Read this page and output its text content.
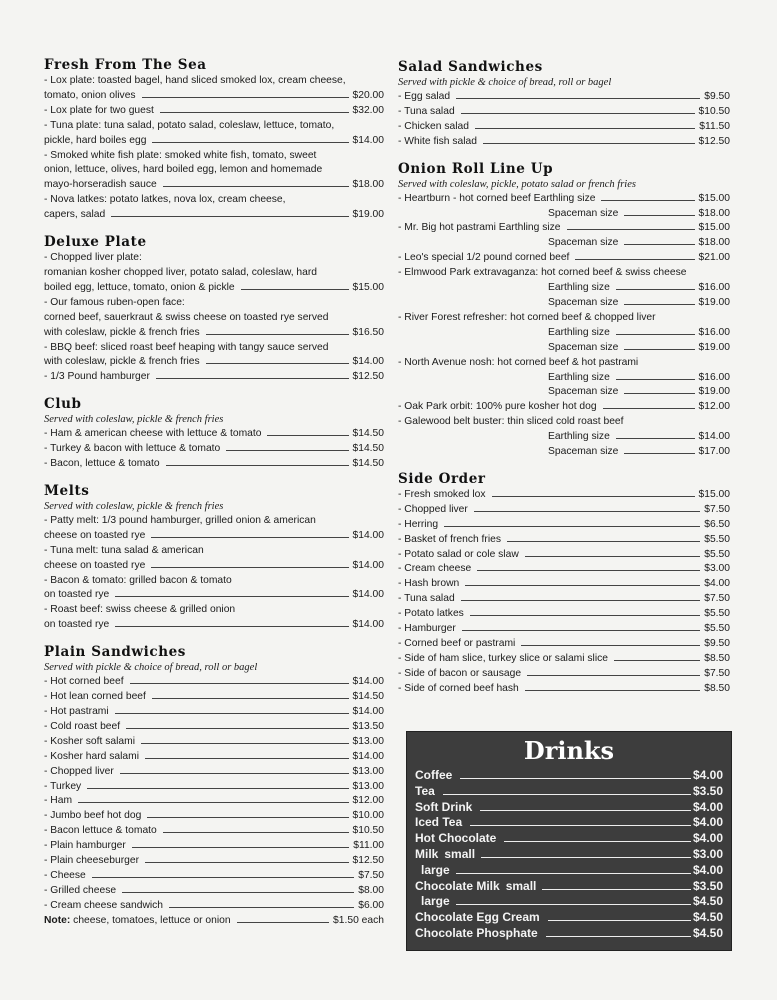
Fresh From The Sea
- Lox plate: toasted bagel, hand sliced smoked lox, cream cheese,
tomato, onion olives	$20.00
- Lox plate for two guest	$32.00
- Tuna plate: tuna salad, potato salad, coleslaw, lettuce, tomato,
pickle, hard boiles egg	$14.00
- Smoked white fish plate: smoked white fish, tomato, sweet
onion, lettuce, olives, hard boiled egg, lemon and homemade
mayo-horseradish sauce	$18.00
- Nova latkes: potato latkes, nova lox, cream cheese,
capers, salad	$19.00
Deluxe Plate
- Chopped liver plate:
romanian kosher chopped liver, potato salad, coleslaw, hard
boiled egg, lettuce, tomato, onion & pickle	$15.00
- Our famous ruben-open face:
corned beef, sauerkraut & swiss cheese on toasted rye served
with coleslaw, pickle & french fries	$16.50
- BBQ beef: sliced roast beef heaping with tangy sauce served
with coleslaw, pickle & french fries	$14.00
- 1/3 Pound hamburger	$12.50
Club
Served with coleslaw, pickle & french fries
- Ham & american cheese with lettuce & tomato	$14.50
- Turkey & bacon with lettuce & tomato	$14.50
- Bacon, lettuce & tomato	$14.50
Melts
Served with coleslaw, pickle & french fries
- Patty melt: 1/3 pound hamburger, grilled onion & american
cheese on toasted rye	$14.00
- Tuna melt: tuna salad & american
cheese on toasted rye	$14.00
- Bacon & tomato: grilled bacon & tomato
on toasted rye	$14.00
- Roast beef: swiss cheese & grilled onion
on toasted rye	$14.00
Plain Sandwiches
Served with pickle & choice of bread, roll or bagel
- Hot corned beef	$14.00
- Hot lean corned beef	$14.50
- Hot pastrami	$14.00
- Cold roast beef	$13.50
- Kosher soft salami	$13.00
- Kosher hard salami	$14.00
- Chopped liver	$13.00
- Turkey	$13.00
- Ham	$12.00
- Jumbo beef hot dog	$10.00
- Bacon lettuce & tomato	$10.50
- Plain hamburger	$11.00
- Plain cheeseburger	$12.50
- Cheese	$7.50
- Grilled cheese	$8.00
- Cream cheese sandwich	$6.00
Note: cheese, tomatoes, lettuce or onion	$1.50 each
Salad Sandwiches
Served with pickle & choice of bread, roll or bagel
- Egg salad	$9.50
- Tuna salad	$10.50
- Chicken salad	$11.50
- White fish salad	$12.50
Onion Roll Line Up
Served with coleslaw, pickle, potato salad or french fries
- Heartburn - hot corned beef Earthling size	$15.00
Spaceman size	$18.00
- Mr. Big hot pastrami Earthling size	$15.00
Spaceman size	$18.00
- Leo's special 1/2 pound corned beef	$21.00
- Elmwood Park extravaganza: hot corned beef & swiss cheese
Earthling size	$16.00
Spaceman size	$19.00
- River Forest refresher: hot corned beef & chopped liver
Earthling size	$16.00
Spaceman size	$19.00
- North Avenue nosh: hot corned beef & hot pastrami
Earthling size	$16.00
Spaceman size	$19.00
- Oak Park orbit: 100% pure kosher hot dog	$12.00
- Galewood belt buster: thin sliced cold roast beef
Earthling size	$14.00
Spaceman size	$17.00
Side Order
- Fresh smoked lox	$15.00
- Chopped liver	$7.50
- Herring	$6.50
- Basket of french fries	$5.50
- Potato salad or cole slaw	$5.50
- Cream cheese	$3.00
- Hash brown	$4.00
- Tuna salad	$7.50
- Potato latkes	$5.50
- Hamburger	$5.50
- Corned beef or pastrami	$9.50
- Side of ham slice, turkey slice or salami slice	$8.50
- Side of bacon or sausage	$7.50
- Side of corned beef hash	$8.50
Drinks
Coffee	$4.00
Tea	$3.50
Soft Drink	$4.00
Iced Tea	$4.00
Hot Chocolate	$4.00
Milk small	$3.00
large	$4.00
Chocolate Milk small	$3.50
large	$4.50
Chocolate Egg Cream	$4.50
Chocolate Phosphate	$4.50
